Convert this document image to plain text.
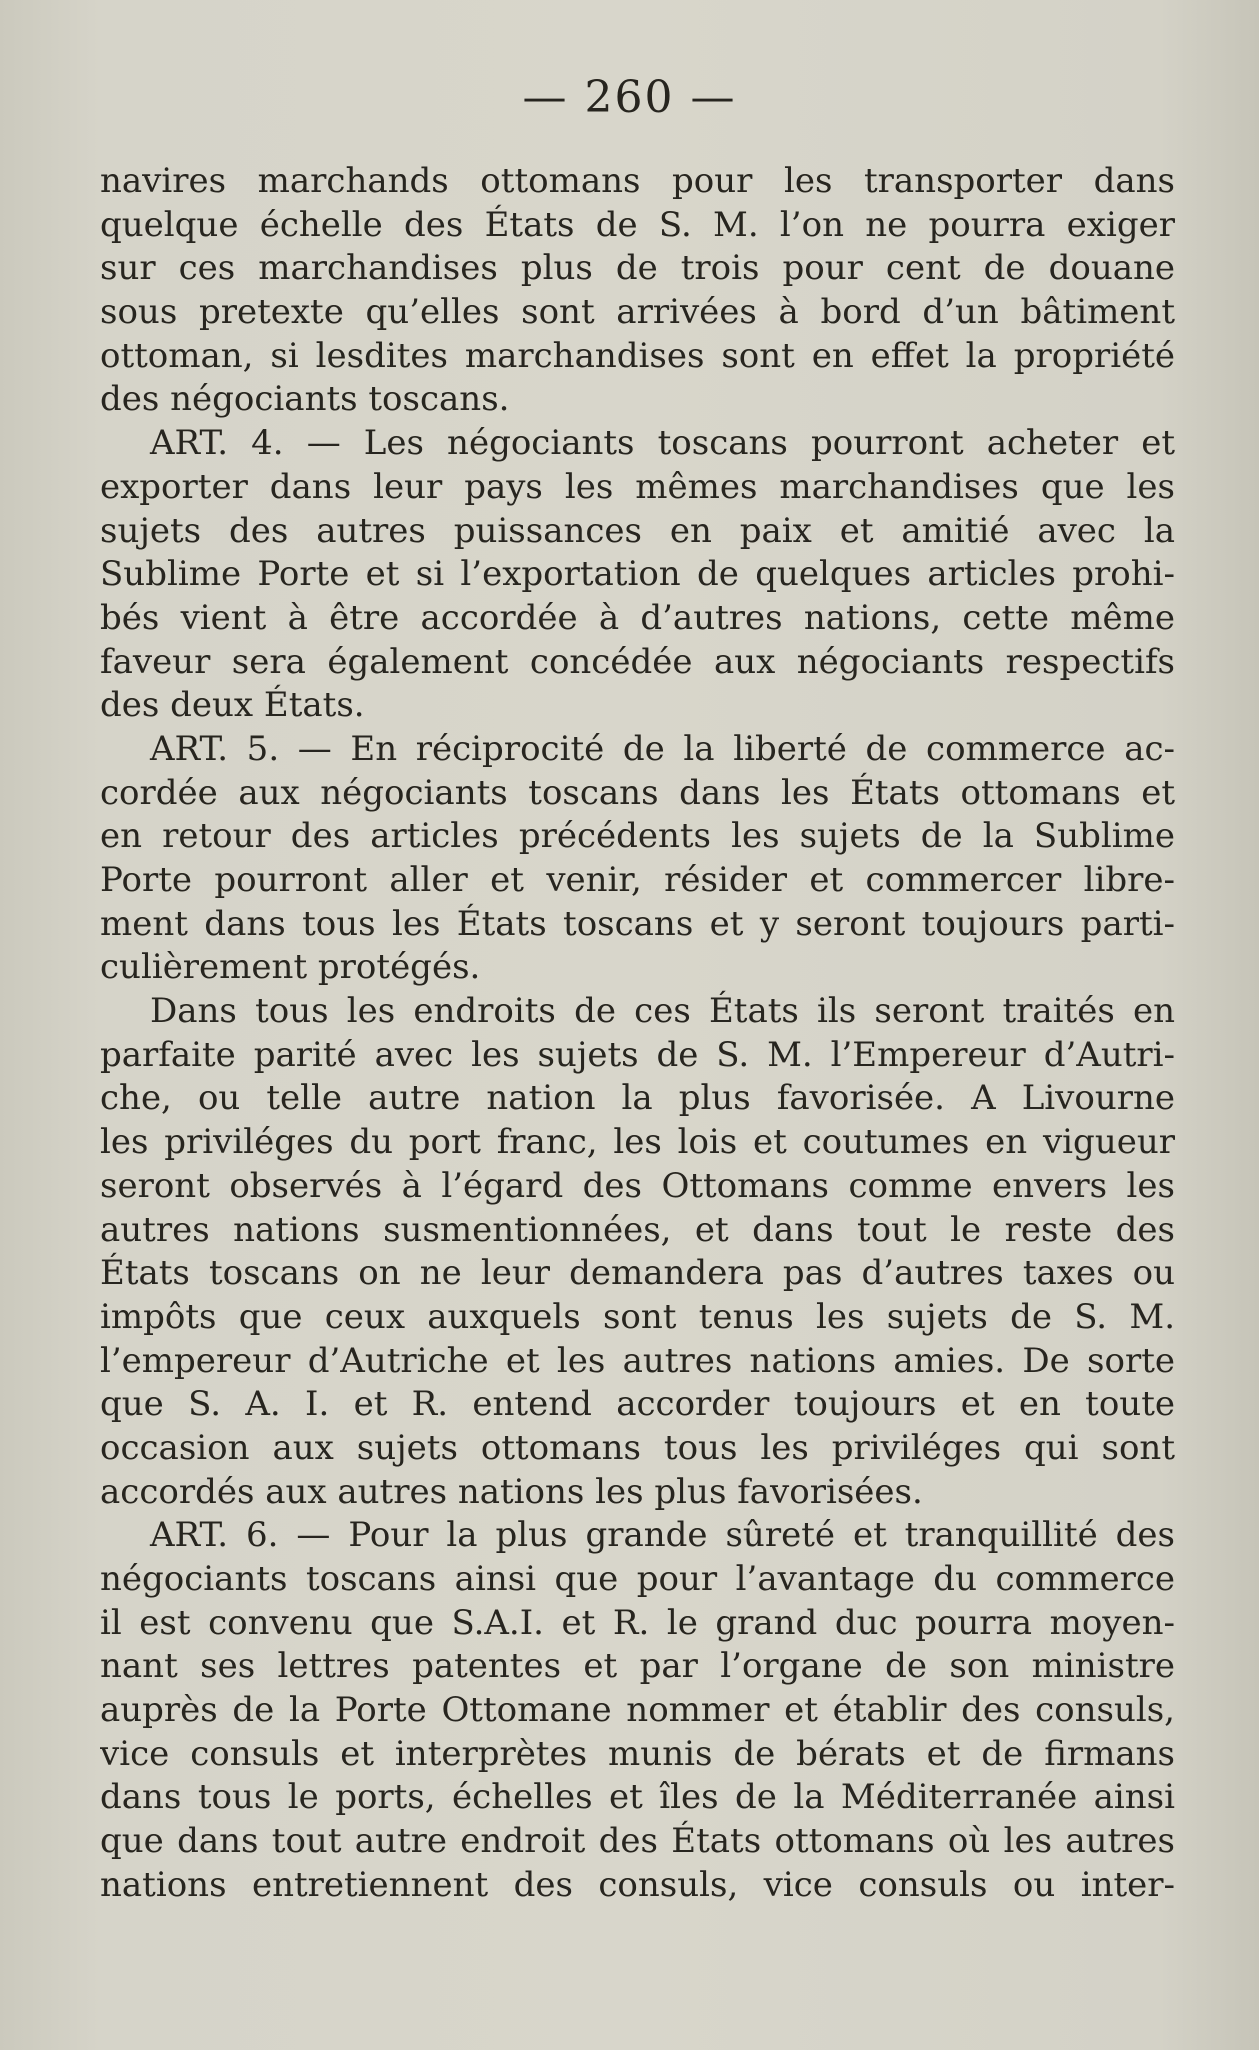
— 260 —
navires marchands ottomans pour les transporter dans
quelque échelle des États de S. M. l’on ne pourra exiger
sur ces marchandises plus de trois pour cent de douane
sous pretexte qu’elles sont arrivées à bord d’un bâtiment
ottoman, si lesdites marchandises sont en effet la propriété
des négociants toscans.
ART. 4. — Les négociants toscans pourront acheter et
exporter dans leur pays les mêmes marchandises que les
sujets des autres puissances en paix et amitié avec la
Sublime Porte et si l’exportation de quelques articles prohi-
bés vient à être accordée à d’autres nations, cette même
faveur sera également concédée aux négociants respectifs
des deux États.
ART. 5. — En réciprocité de la liberté de commerce ac-
cordée aux négociants toscans dans les États ottomans et
en retour des articles précédents les sujets de la Sublime
Porte pourront aller et venir, résider et commercer libre-
ment dans tous les États toscans et y seront toujours parti-
culièrement protégés.
Dans tous les endroits de ces États ils seront traités en
parfaite parité avec les sujets de S. M. l’Empereur d’Autri-
che, ou telle autre nation la plus favorisée. A Livourne
les priviléges du port franc, les lois et coutumes en vigueur
seront observés à l’égard des Ottomans comme envers les
autres nations susmentionnées, et dans tout le reste des
États toscans on ne leur demandera pas d’autres taxes ou
impôts que ceux auxquels sont tenus les sujets de S. M.
l’empereur d’Autriche et les autres nations amies. De sorte
que S. A. I. et R. entend accorder toujours et en toute
occasion aux sujets ottomans tous les priviléges qui sont
accordés aux autres nations les plus favorisées.
ART. 6. — Pour la plus grande sûreté et tranquillité des
négociants toscans ainsi que pour l’avantage du commerce
il est convenu que S.A.I. et R. le grand duc pourra moyen-
nant ses lettres patentes et par l’organe de son ministre
auprès de la Porte Ottomane nommer et établir des consuls,
vice consuls et interprètes munis de bérats et de firmans
dans tous le ports, échelles et îles de la Méditerranée ainsi
que dans tout autre endroit des États ottomans où les autres
nations entretiennent des consuls, vice consuls ou inter-
